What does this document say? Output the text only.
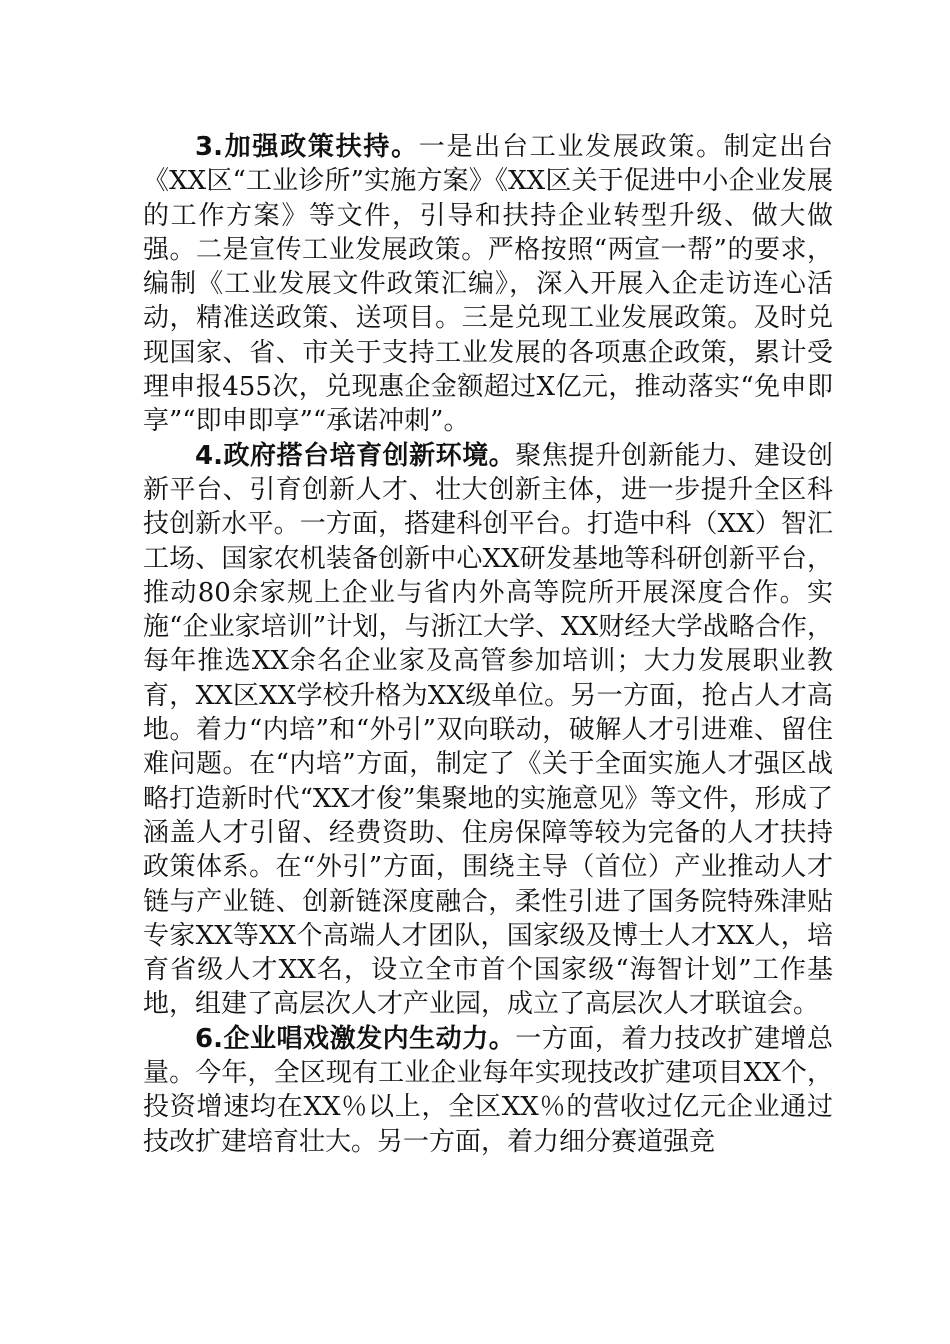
3.加强政策扶持。一是出台工业发展政策。制定出台《XX区“工业诊所”实施方案》《XX区关于促进中小企业发展的工作方案》等文件，引导和扶持企业转型升级、做大做强。二是宣传工业发展政策。严格按照“两宣一帮”的要求，编制《工业发展文件政策汇编》，深入开展入企走访连心活动，精准送政策、送项目。三是兑现工业发展政策。及时兑现国家、省、市关于支持工业发展的各项惠企政策，累计受理申报455次，兑现惠企金额超过X亿元，推动落实“免申即享”“即申即享”“承诺冲刺”。

4.政府搭台培育创新环境。聚焦提升创新能力、建设创新平台、引育创新人才、壮大创新主体，进一步提升全区科技创新水平。一方面，搭建科创平台。打造中科（XX）智汇工场、国家农机装备创新中心XX研发基地等科研创新平台，推动80余家规上企业与省内外高等院所开展深度合作。实施“企业家培训”计划，与浙江大学、XX财经大学战略合作，每年推选XX余名企业家及高管参加培训；大力发展职业教育，XX区XX学校升格为XX级单位。另一方面，抢占人才高地。着力“内培”和“外引”双向联动，破解人才引进难、留住难问题。在“内培”方面，制定了《关于全面实施人才强区战略打造新时代“XX才俊”集聚地的实施意见》等文件，形成了涵盖人才引留、经费资助、住房保障等较为完备的人才扶持政策体系。在“外引”方面，围绕主导（首位）产业推动人才链与产业链、创新链深度融合，柔性引进了国务院特殊津贴专家XX等XX个高端人才团队，国家级及博士人才XX人，培育省级人才XX名，设立全市首个国家级“海智计划”工作基地，组建了高层次人才产业园，成立了高层次人才联谊会。

6.企业唱戏激发内生动力。一方面，着力技改扩建增总量。今年，全区现有工业企业每年实现技改扩建项目XX个，投资增速均在XX％以上，全区XX％的营收过亿元企业通过技改扩建培育壮大。另一方面，着力细分赛道强竞
